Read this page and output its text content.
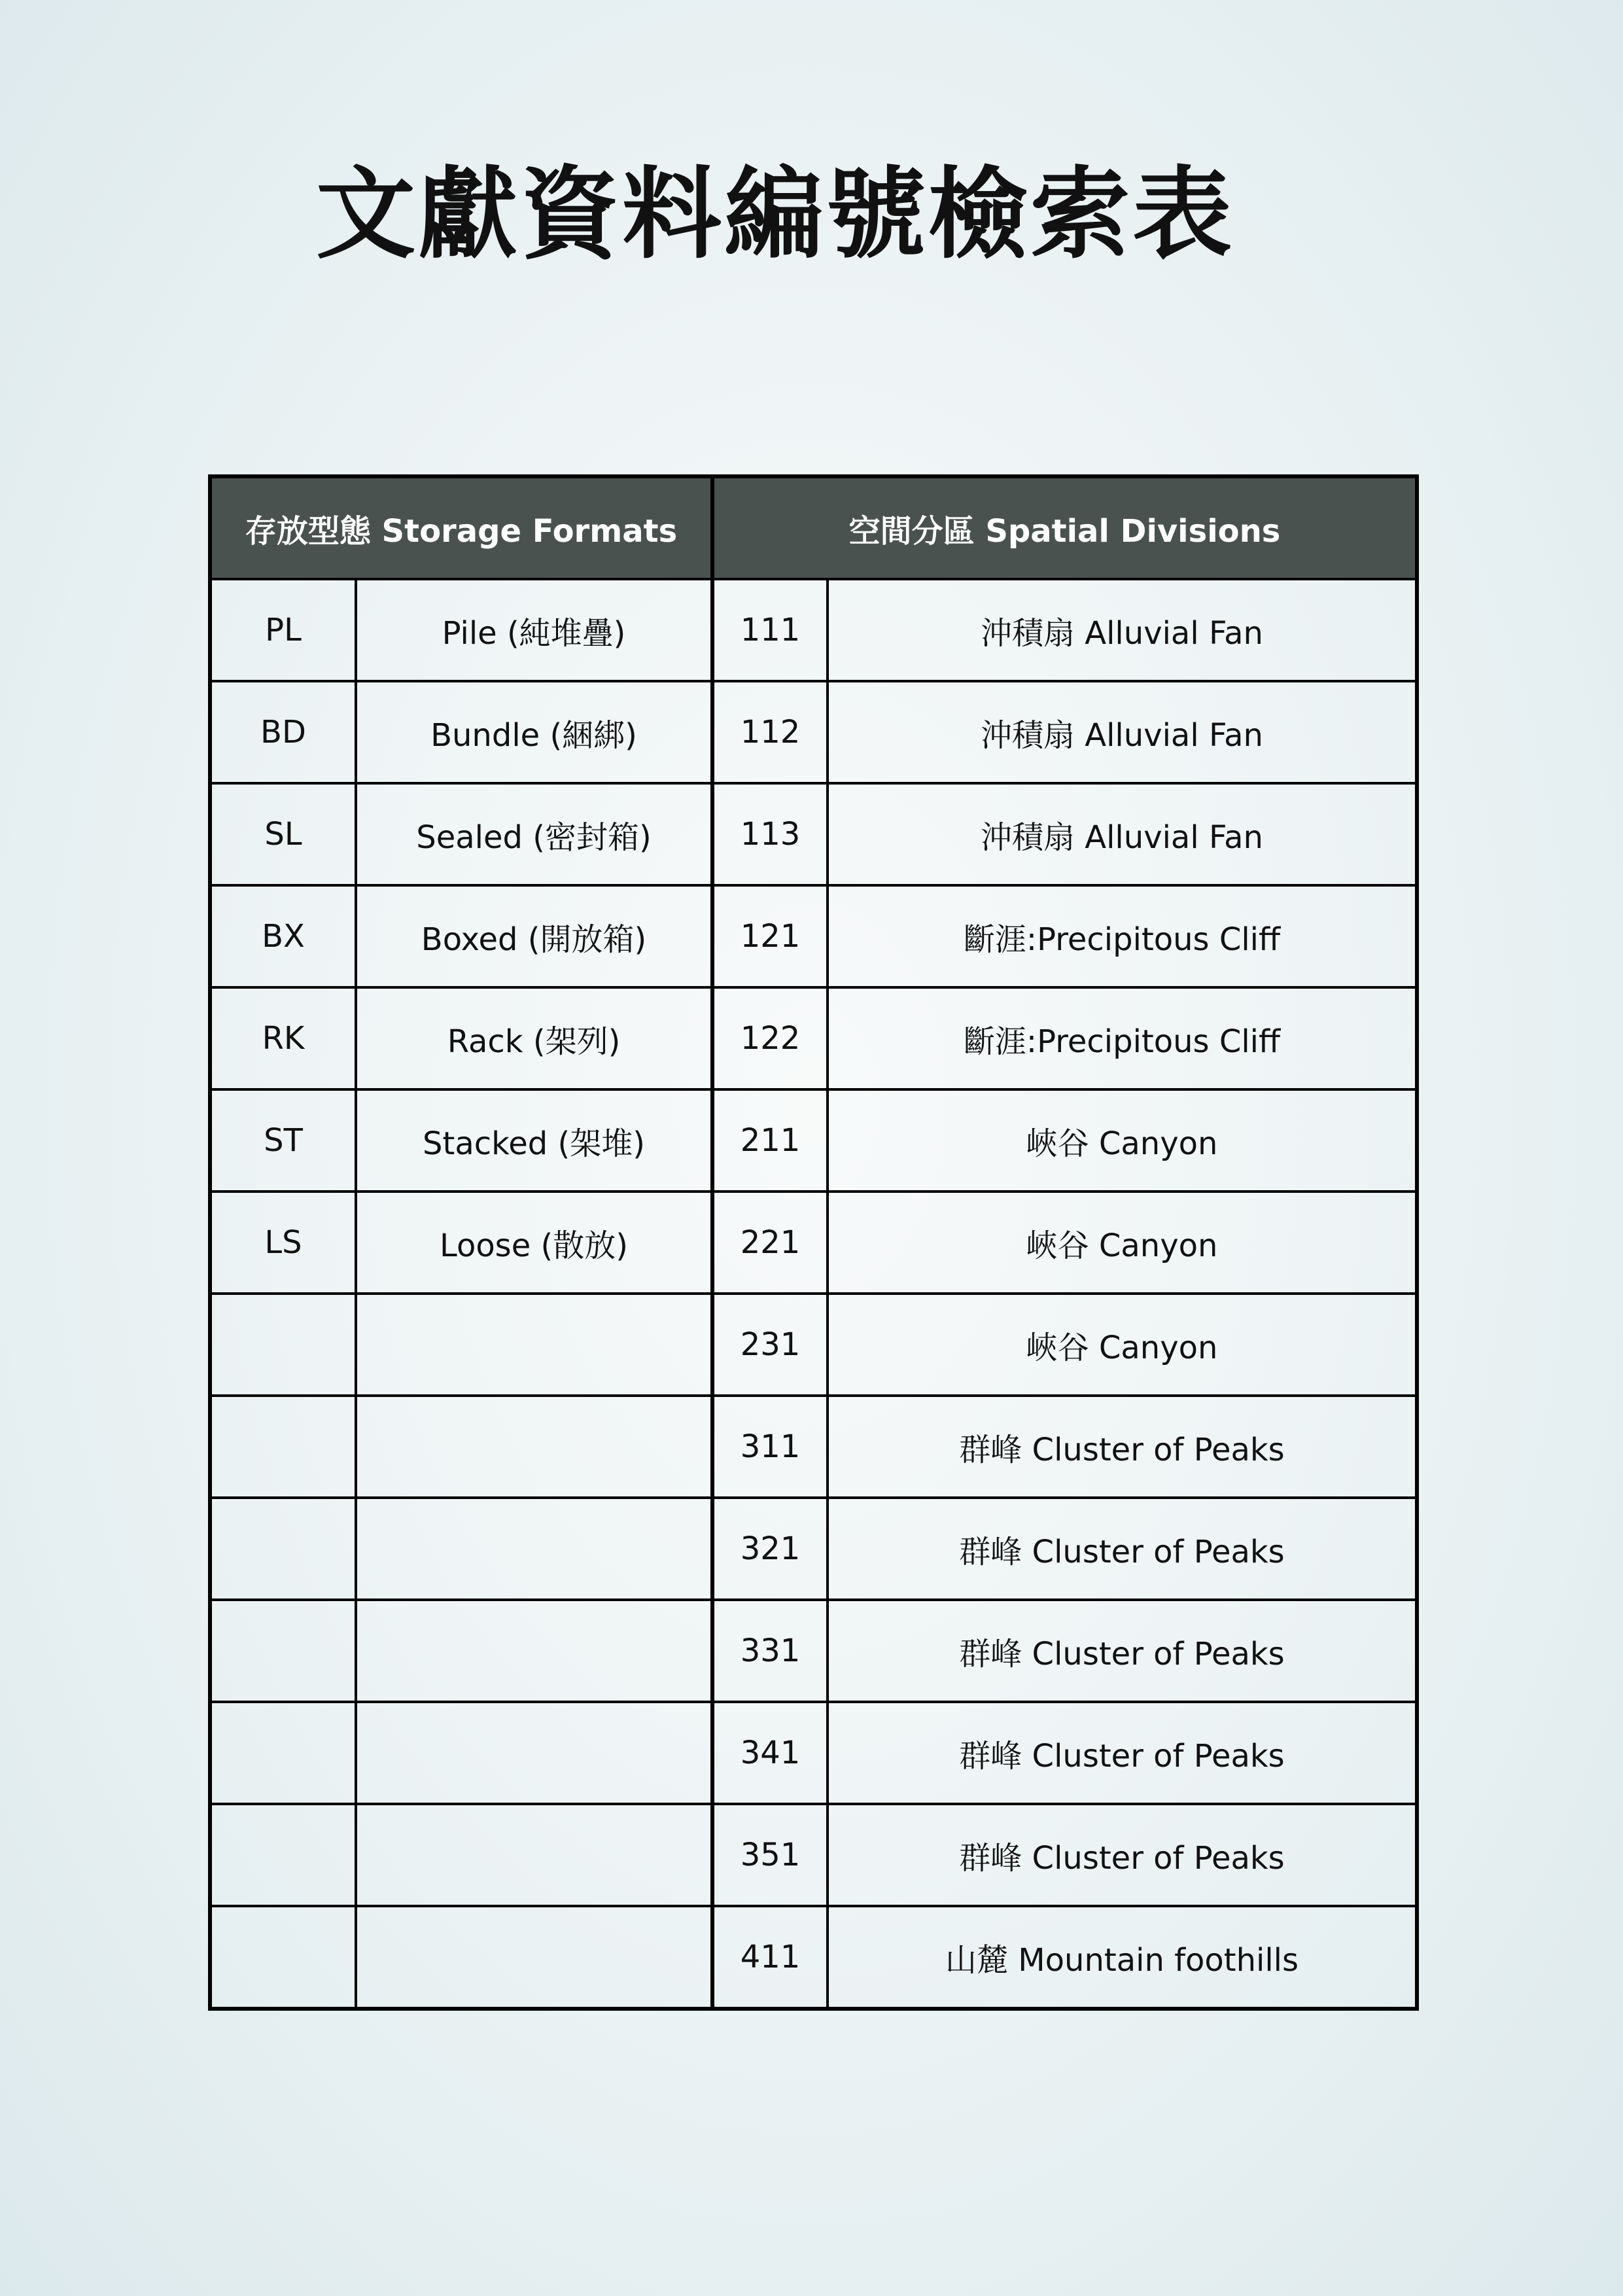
文獻資料編號檢索表
存放型態 Storage Formats		空間分區 Spatial Divisions	
PL	Pile (純堆疊)	111	沖積扇 Alluvial Fan
BD	Bundle (綑綁)	112	沖積扇 Alluvial Fan
SL	Sealed (密封箱)	113	沖積扇 Alluvial Fan
BX	Boxed (開放箱)	121	斷涯:Precipitous Cliff
RK	Rack (架列)	122	斷涯:Precipitous Cliff
ST	Stacked (架堆)	211	峽谷 Canyon
LS	Loose (散放)	221	峽谷 Canyon
		231	峽谷 Canyon
		311	群峰 Cluster of Peaks
		321	群峰 Cluster of Peaks
		331	群峰 Cluster of Peaks
		341	群峰 Cluster of Peaks
		351	群峰 Cluster of Peaks
		411	山麓 Mountain foothills
